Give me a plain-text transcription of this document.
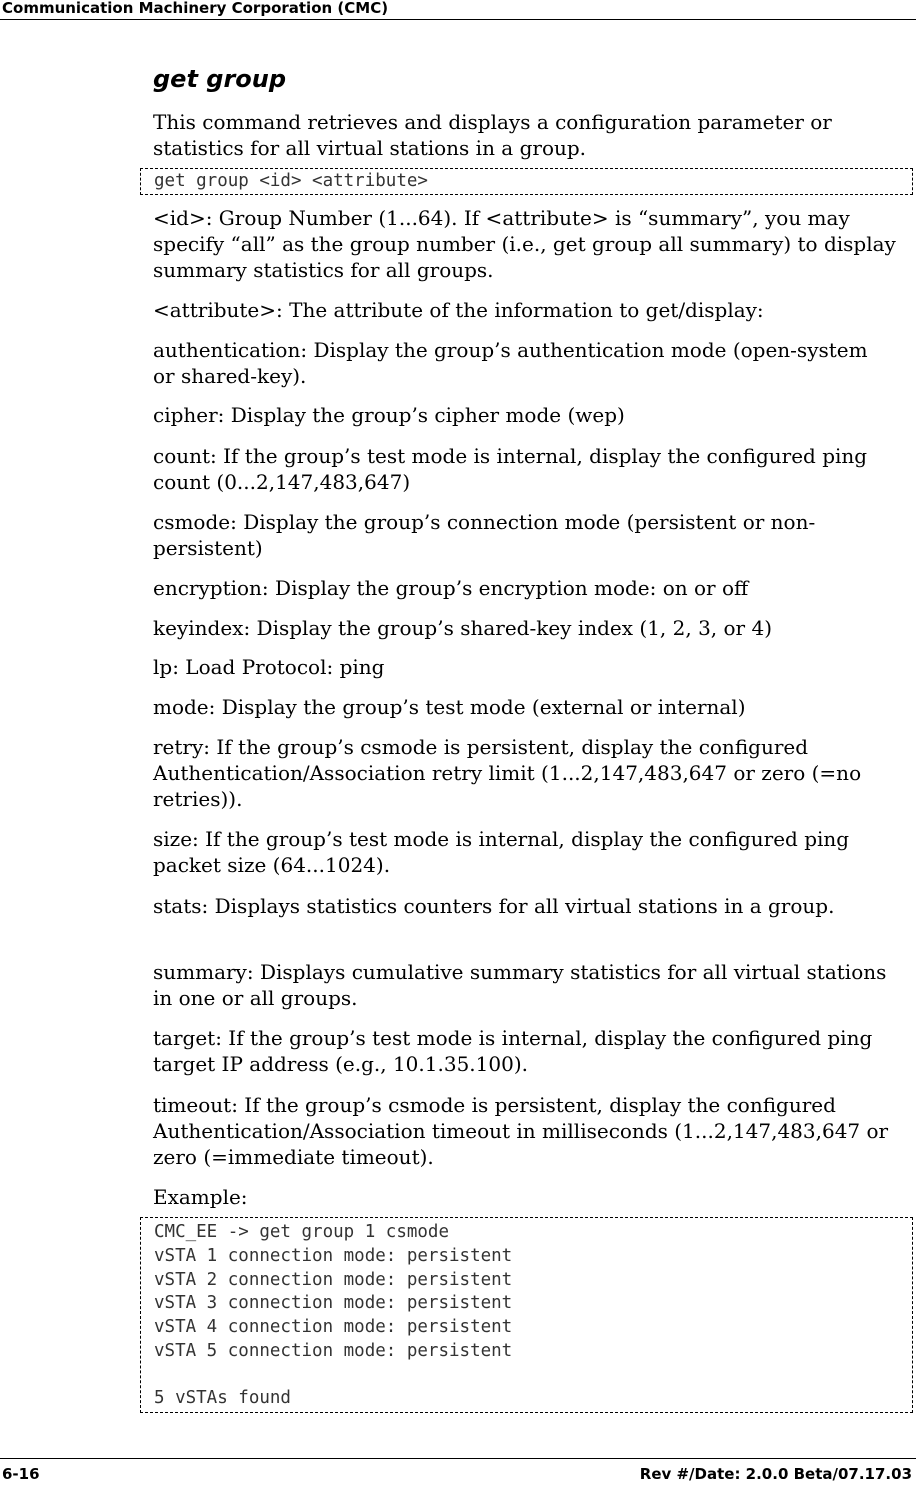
Communication Machinery Corporation (CMC)
get group

This command retrieves and displays a configuration parameter or statistics for all virtual stations in a group.

get group <id> <attribute>

<id>: Group Number (1...64). If <attribute> is “summary”, you may specify “all” as the group number (i.e., get group all summary) to display summary statistics for all groups.

<attribute>: The attribute of the information to get/display:

authentication: Display the group’s authentication mode (open-system or shared-key).

cipher: Display the group’s cipher mode (wep)

count: If the group’s test mode is internal, display the configured ping count (0...2,147,483,647)

csmode: Display the group’s connection mode (persistent or non-persistent)

encryption: Display the group’s encryption mode: on or off

keyindex: Display the group’s shared-key index (1, 2, 3, or 4)

lp: Load Protocol: ping

mode: Display the group’s test mode (external or internal)

retry: If the group’s csmode is persistent, display the configured Authentication/Association retry limit (1...2,147,483,647 or zero (=no retries)).

size: If the group’s test mode is internal, display the configured ping packet size (64...1024).

stats: Displays statistics counters for all virtual stations in a group.

summary: Displays cumulative summary statistics for all virtual stations in one or all groups.

target: If the group’s test mode is internal, display the configured ping target IP address (e.g., 10.1.35.100).

timeout: If the group’s csmode is persistent, display the configured Authentication/Association timeout in milliseconds (1...2,147,483,647 or zero (=immediate timeout).

Example:

CMC_EE -> get group 1 csmode
vSTA 1 connection mode: persistent
vSTA 2 connection mode: persistent
vSTA 3 connection mode: persistent
vSTA 4 connection mode: persistent
vSTA 5 connection mode: persistent
5 vSTAs found
6-16	Rev #/Date: 2.0.0 Beta/07.17.03
